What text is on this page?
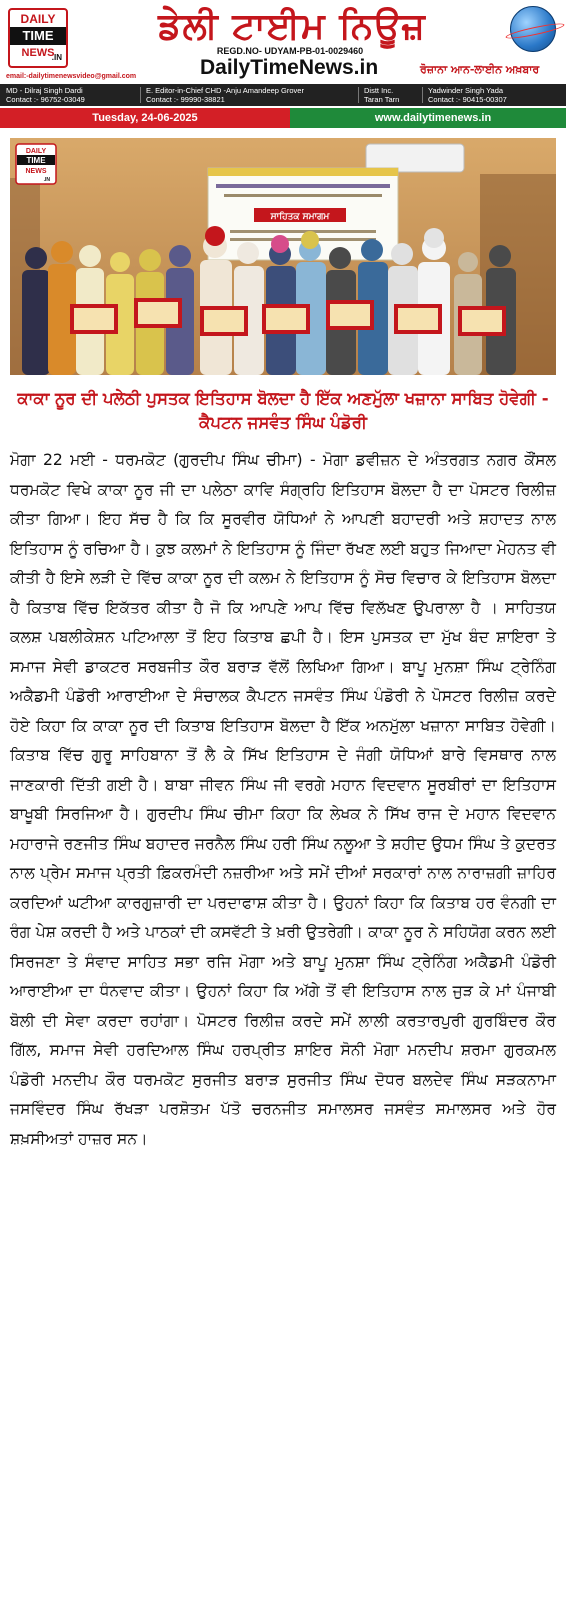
DAILY
TIME
NEWS
.IN
ਡੇਲੀ ਟਾਈਮ ਨਿਊਜ਼
REGD.NO- UDYAM-PB-01-0029460
DailyTimeNews.in	ਰੋਜ਼ਾਨਾ ਆਨ-ਲਾਈਨ ਅਖ਼ਬਾਰ
email:-dailytimenewsvideo@gmail.com
MD - Dilraj Singh Dardi
Contact :- 96752-03049
E. Editor-in-Chief CHD -Anju Amandeep Grover
Contact :- 99990-38821
Distt Inc.
Taran Tarn
Yadwinder Singh Yada
Contact :- 90415-00307
Tuesday, 24-06-2025	www.dailytimenews.in
ਸਾਹਿਤਕ ਸਮਾਗਮ
DAILY
TIME
NEWS
.IN
ਕਾਕਾ ਨੂਰ ਦੀ ਪਲੇਠੀ ਪੁਸਤਕ ਇਤਿਹਾਸ ਬੋਲਦਾ ਹੈ ਇੱਕ ਅਣਮੁੱਲਾ ਖਜ਼ਾਨਾ ਸਾਬਿਤ ਹੋਵੇਗੀ - ਕੈਪਟਨ ਜਸਵੰਤ ਸਿੰਘ ਪੰਡੋਰੀ
ਮੋਗਾ 22 ਮਈ - ਧਰਮਕੋਟ (ਗੁਰਦੀਪ ਸਿੰਘ ਚੀਮਾ) - ਮੋਗਾ ਡਵੀਜ਼ਨ ਦੇ ਅੰਤਰਗਤ ਨਗਰ ਕੌਂਸਲ ਧਰਮਕੋਟ ਵਿਖੇ ਕਾਕਾ ਨੂਰ ਜੀ ਦਾ ਪਲੇਠਾ ਕਾਵਿ ਸੰਗ੍ਰਹਿ ਇਤਿਹਾਸ ਬੋਲਦਾ ਹੈ ਦਾ ਪੋਸਟਰ ਰਿਲੀਜ਼ ਕੀਤਾ ਗਿਆ। ਇਹ ਸੱਚ ਹੈ ਕਿ ਕਿ ਸੂਰਵੀਰ ਯੋਧਿਆਂ ਨੇ ਆਪਣੀ ਬਹਾਦਰੀ ਅਤੇ ਸ਼ਹਾਦਤ ਨਾਲ ਇਤਿਹਾਸ ਨੂੰ ਰਚਿਆ ਹੈ। ਕੁਝ ਕਲਮਾਂ ਨੇ ਇਤਿਹਾਸ ਨੂੰ ਜਿੰਦਾ ਰੱਖਣ ਲਈ ਬਹੁਤ ਜਿਆਦਾ ਮੇਹਨਤ ਵੀ ਕੀਤੀ ਹੈ ਇਸੇ ਲੜੀ ਦੇ ਵਿੱਚ ਕਾਕਾ ਨੂਰ ਦੀ ਕਲਮ ਨੇ ਇਤਿਹਾਸ ਨੂੰ ਸੋਚ ਵਿਚਾਰ ਕੇ ਇਤਿਹਾਸ ਬੋਲਦਾ ਹੈ ਕਿਤਾਬ ਵਿੱਚ ਇਕੱਤਰ ਕੀਤਾ ਹੈ ਜੋ ਕਿ ਆਪਣੇ ਆਪ ਵਿੱਚ ਵਿਲੱਖਣ ਉਪਰਾਲਾ ਹੈ । ਸਾਹਿਤਯ ਕਲਸ਼ ਪਬਲੀਕੇਸ਼ਨ ਪਟਿਆਲਾ ਤੋਂ ਇਹ ਕਿਤਾਬ ਛਪੀ ਹੈ। ਇਸ ਪੁਸਤਕ ਦਾ ਮੁੱਖ ਬੰਦ ਸ਼ਾਇਰਾ ਤੇ ਸਮਾਜ ਸੇਵੀ ਡਾਕਟਰ ਸਰਬਜੀਤ ਕੌਰ ਬਰਾੜ ਵੱਲੋਂ ਲਿਖਿਆ ਗਿਆ। ਬਾਪੂ ਮੁਨਸ਼ਾ ਸਿੰਘ ਟ੍ਰੇਨਿੰਗ ਅਕੈਡਮੀ ਪੰਡੋਰੀ ਆਰਾਈਆ ਦੇ ਸੰਚਾਲਕ ਕੈਪਟਨ ਜਸਵੰਤ ਸਿੰਘ ਪੰਡੋਰੀ ਨੇ ਪੋਸਟਰ ਰਿਲੀਜ਼ ਕਰਦੇ ਹੋਏ ਕਿਹਾ ਕਿ ਕਾਕਾ ਨੂਰ ਦੀ ਕਿਤਾਬ ਇਤਿਹਾਸ ਬੋਲਦਾ ਹੈ ਇੱਕ ਅਨਮੁੱਲਾ ਖਜ਼ਾਨਾ ਸਾਬਿਤ ਹੋਵੇਗੀ। ਕਿਤਾਬ ਵਿੱਚ ਗੁਰੂ ਸਾਹਿਬਾਨਾ ਤੋਂ ਲੈ ਕੇ ਸਿੱਖ ਇਤਿਹਾਸ ਦੇ ਜੰਗੀ ਯੋਧਿਆਂ ਬਾਰੇ ਵਿਸਥਾਰ ਨਾਲ ਜਾਣਕਾਰੀ ਦਿੱਤੀ ਗਈ ਹੈ। ਬਾਬਾ ਜੀਵਨ ਸਿੰਘ ਜੀ ਵਰਗੇ ਮਹਾਨ ਵਿਦਵਾਨ ਸੂਰਬੀਰਾਂ ਦਾ ਇਤਿਹਾਸ ਬਾਖੂਬੀ ਸਿਰਜਿਆ ਹੈ। ਗੁਰਦੀਪ ਸਿੰਘ ਚੀਮਾ ਕਿਹਾ ਕਿ ਲੇਖਕ ਨੇ ਸਿੱਖ ਰਾਜ ਦੇ ਮਹਾਨ ਵਿਦਵਾਨ ਮਹਾਰਾਜੇ ਰਣਜੀਤ ਸਿੰਘ ਬਹਾਦਰ ਜਰਨੈਲ ਸਿੰਘ ਹਰੀ ਸਿੰਘ ਨਲੂਆ ਤੇ ਸ਼ਹੀਦ ਉਧਮ ਸਿੰਘ ਤੇ ਕੁਦਰਤ ਨਾਲ ਪ੍ਰੇਮ ਸਮਾਜ ਪ੍ਰਤੀ ਫ਼ਿਕਰਮੰਦੀ ਨਜ਼ਰੀਆ ਅਤੇ ਸਮੇਂ ਦੀਆਂ ਸਰਕਾਰਾਂ ਨਾਲ ਨਾਰਾਜ਼ਗੀ ਜ਼ਾਹਿਰ ਕਰਦਿਆਂ ਘਟੀਆ ਕਾਰਗੁਜ਼ਾਰੀ ਦਾ ਪਰਦਾਫਾਸ਼ ਕੀਤਾ ਹੈ। ਉਹਨਾਂ ਕਿਹਾ ਕਿ ਕਿਤਾਬ ਹਰ ਵੰਨਗੀ ਦਾ ਰੰਗ ਪੇਸ਼ ਕਰਦੀ ਹੈ ਅਤੇ ਪਾਠਕਾਂ ਦੀ ਕਸਵੱਟੀ ਤੇ ਖ਼ਰੀ ਉਤਰੇਗੀ। ਕਾਕਾ ਨੂਰ ਨੇ ਸਹਿਯੋਗ ਕਰਨ ਲਈ ਸਿਰਜਣਾ ਤੇ ਸੰਵਾਦ ਸਾਹਿਤ ਸਭਾ ਰਜਿ ਮੋਗਾ ਅਤੇ ਬਾਪੂ ਮੁਨਸ਼ਾ ਸਿੰਘ ਟ੍ਰੇਨਿੰਗ ਅਕੈਡਮੀ ਪੰਡੋਰੀ ਆਰਾਈਆ ਦਾ ਧੰਨਵਾਦ ਕੀਤਾ। ਉਹਨਾਂ ਕਿਹਾ ਕਿ ਅੱਗੇ ਤੋਂ ਵੀ ਇਤਿਹਾਸ ਨਾਲ ਜੁੜ ਕੇ ਮਾਂ ਪੰਜਾਬੀ ਬੋਲੀ ਦੀ ਸੇਵਾ ਕਰਦਾ ਰਹਾਂਗਾ। ਪੋਸਟਰ ਰਿਲੀਜ਼ ਕਰਦੇ ਸਮੇਂ ਲਾਲੀ ਕਰਤਾਰਪੁਰੀ ਗੁਰਬਿੰਦਰ ਕੌਰ ਗਿੱਲ, ਸਮਾਜ ਸੇਵੀ ਹਰਦਿਆਲ ਸਿੰਘ ਹਰਪ੍ਰੀਤ ਸ਼ਾਇਰ ਸੋਨੀ ਮੋਗਾ ਮਨਦੀਪ ਸ਼ਰਮਾ ਗੁਰਕਮਲ ਪੰਡੋਰੀ ਮਨਦੀਪ ਕੌਰ ਧਰਮਕੋਟ ਸੁਰਜੀਤ ਬਰਾੜ ਸੁਰਜੀਤ ਸਿੰਘ ਦੋਧਰ ਬਲਦੇਵ ਸਿੰਘ ਸੜਕਨਾਮਾ ਜਸਵਿੰਦਰ ਸਿੰਘ ਰੱਖੜਾ ਪਰਸ਼ੋਤਮ ਪੱਤੋ ਚਰਨਜੀਤ ਸਮਾਲਸਰ ਜਸਵੰਤ ਸਮਾਲਸਰ ਅਤੇ ਹੋਰ ਸ਼ਖ਼ਸੀਅਤਾਂ ਹਾਜ਼ਰ ਸਨ।
